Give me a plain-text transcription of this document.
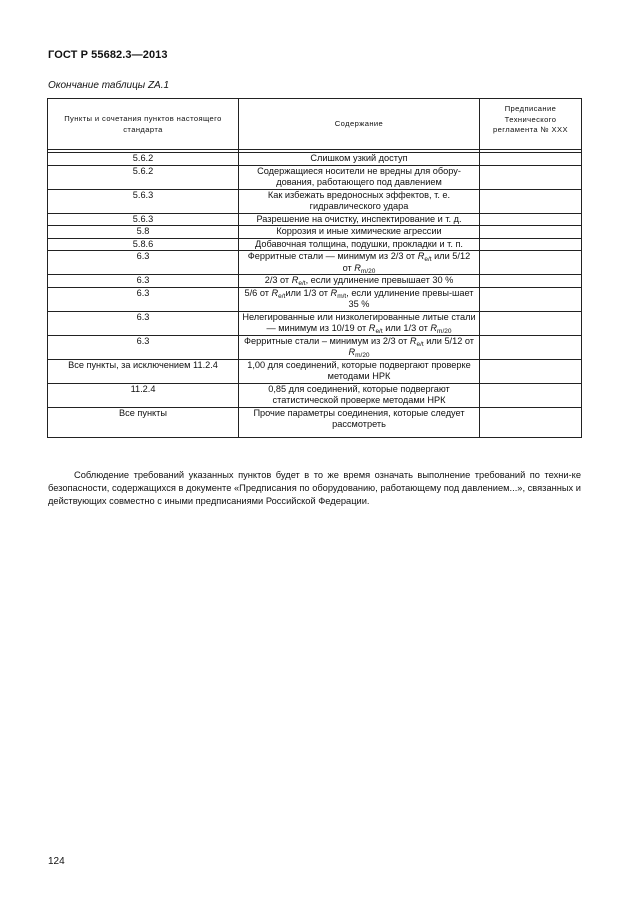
ГОСТ Р 55682.3—2013
Окончание таблицы ZA.1
Пункты и сочетания пунктов настоящего стандарта	Содержание	Предписание Технического регламента № ХХХ

5.6.2	Слишком узкий доступ	
5.6.2	Содержащиеся носители не вредны для обору-дования, работающего под давлением	
5.6.3	Как избежать вредоносных эффектов, т. е. гидравлического удара	
5.6.3	Разрешение на очистку, инспектирование и т. д.	
5.8	Коррозия и иные химические агрессии	
5.8.6	Добавочная толщина, подушки, прокладки и т. п.	
6.3	Ферритные стали — минимум из 2/3 от $R_{e/t}$ или 5/12 от $R_{m/20}$	
6.3	2/3 от $R_{e/t}$, если удлинение превышает 30 %	
6.3	5/6 от $R_{e/t}или$ 1/3 от $R_{m/t}$, если удлинение превы-шает 35 %	
6.3	Нелегированные или низколегированные литые стали — минимум из 10/19 от $R_{e/t}$ или 1/3 от $R_{m/20}$	
6.3	Ферритные стали – минимум из 2/3 от $R_{e/t}$ или 5/12 от $R_{m/20}$	
Все пункты, за исключением 11.2.4	1,00 для соединений, которые подвергают проверке методами НРК	
11.2.4	0,85 для соединений, которые подвергают статистической проверке методами НРК	
Все пункты	Прочие параметры соединения, которые следует рассмотреть	

Соблюдение требований указанных пунктов будет в то же время означать выполнение требований по техни-ке безопасности, содержащихся в документе «Предписания по оборудованию, работающему под давлением...», связанных и действующих совместно с иными предписаниями Российской Федерации.

124
